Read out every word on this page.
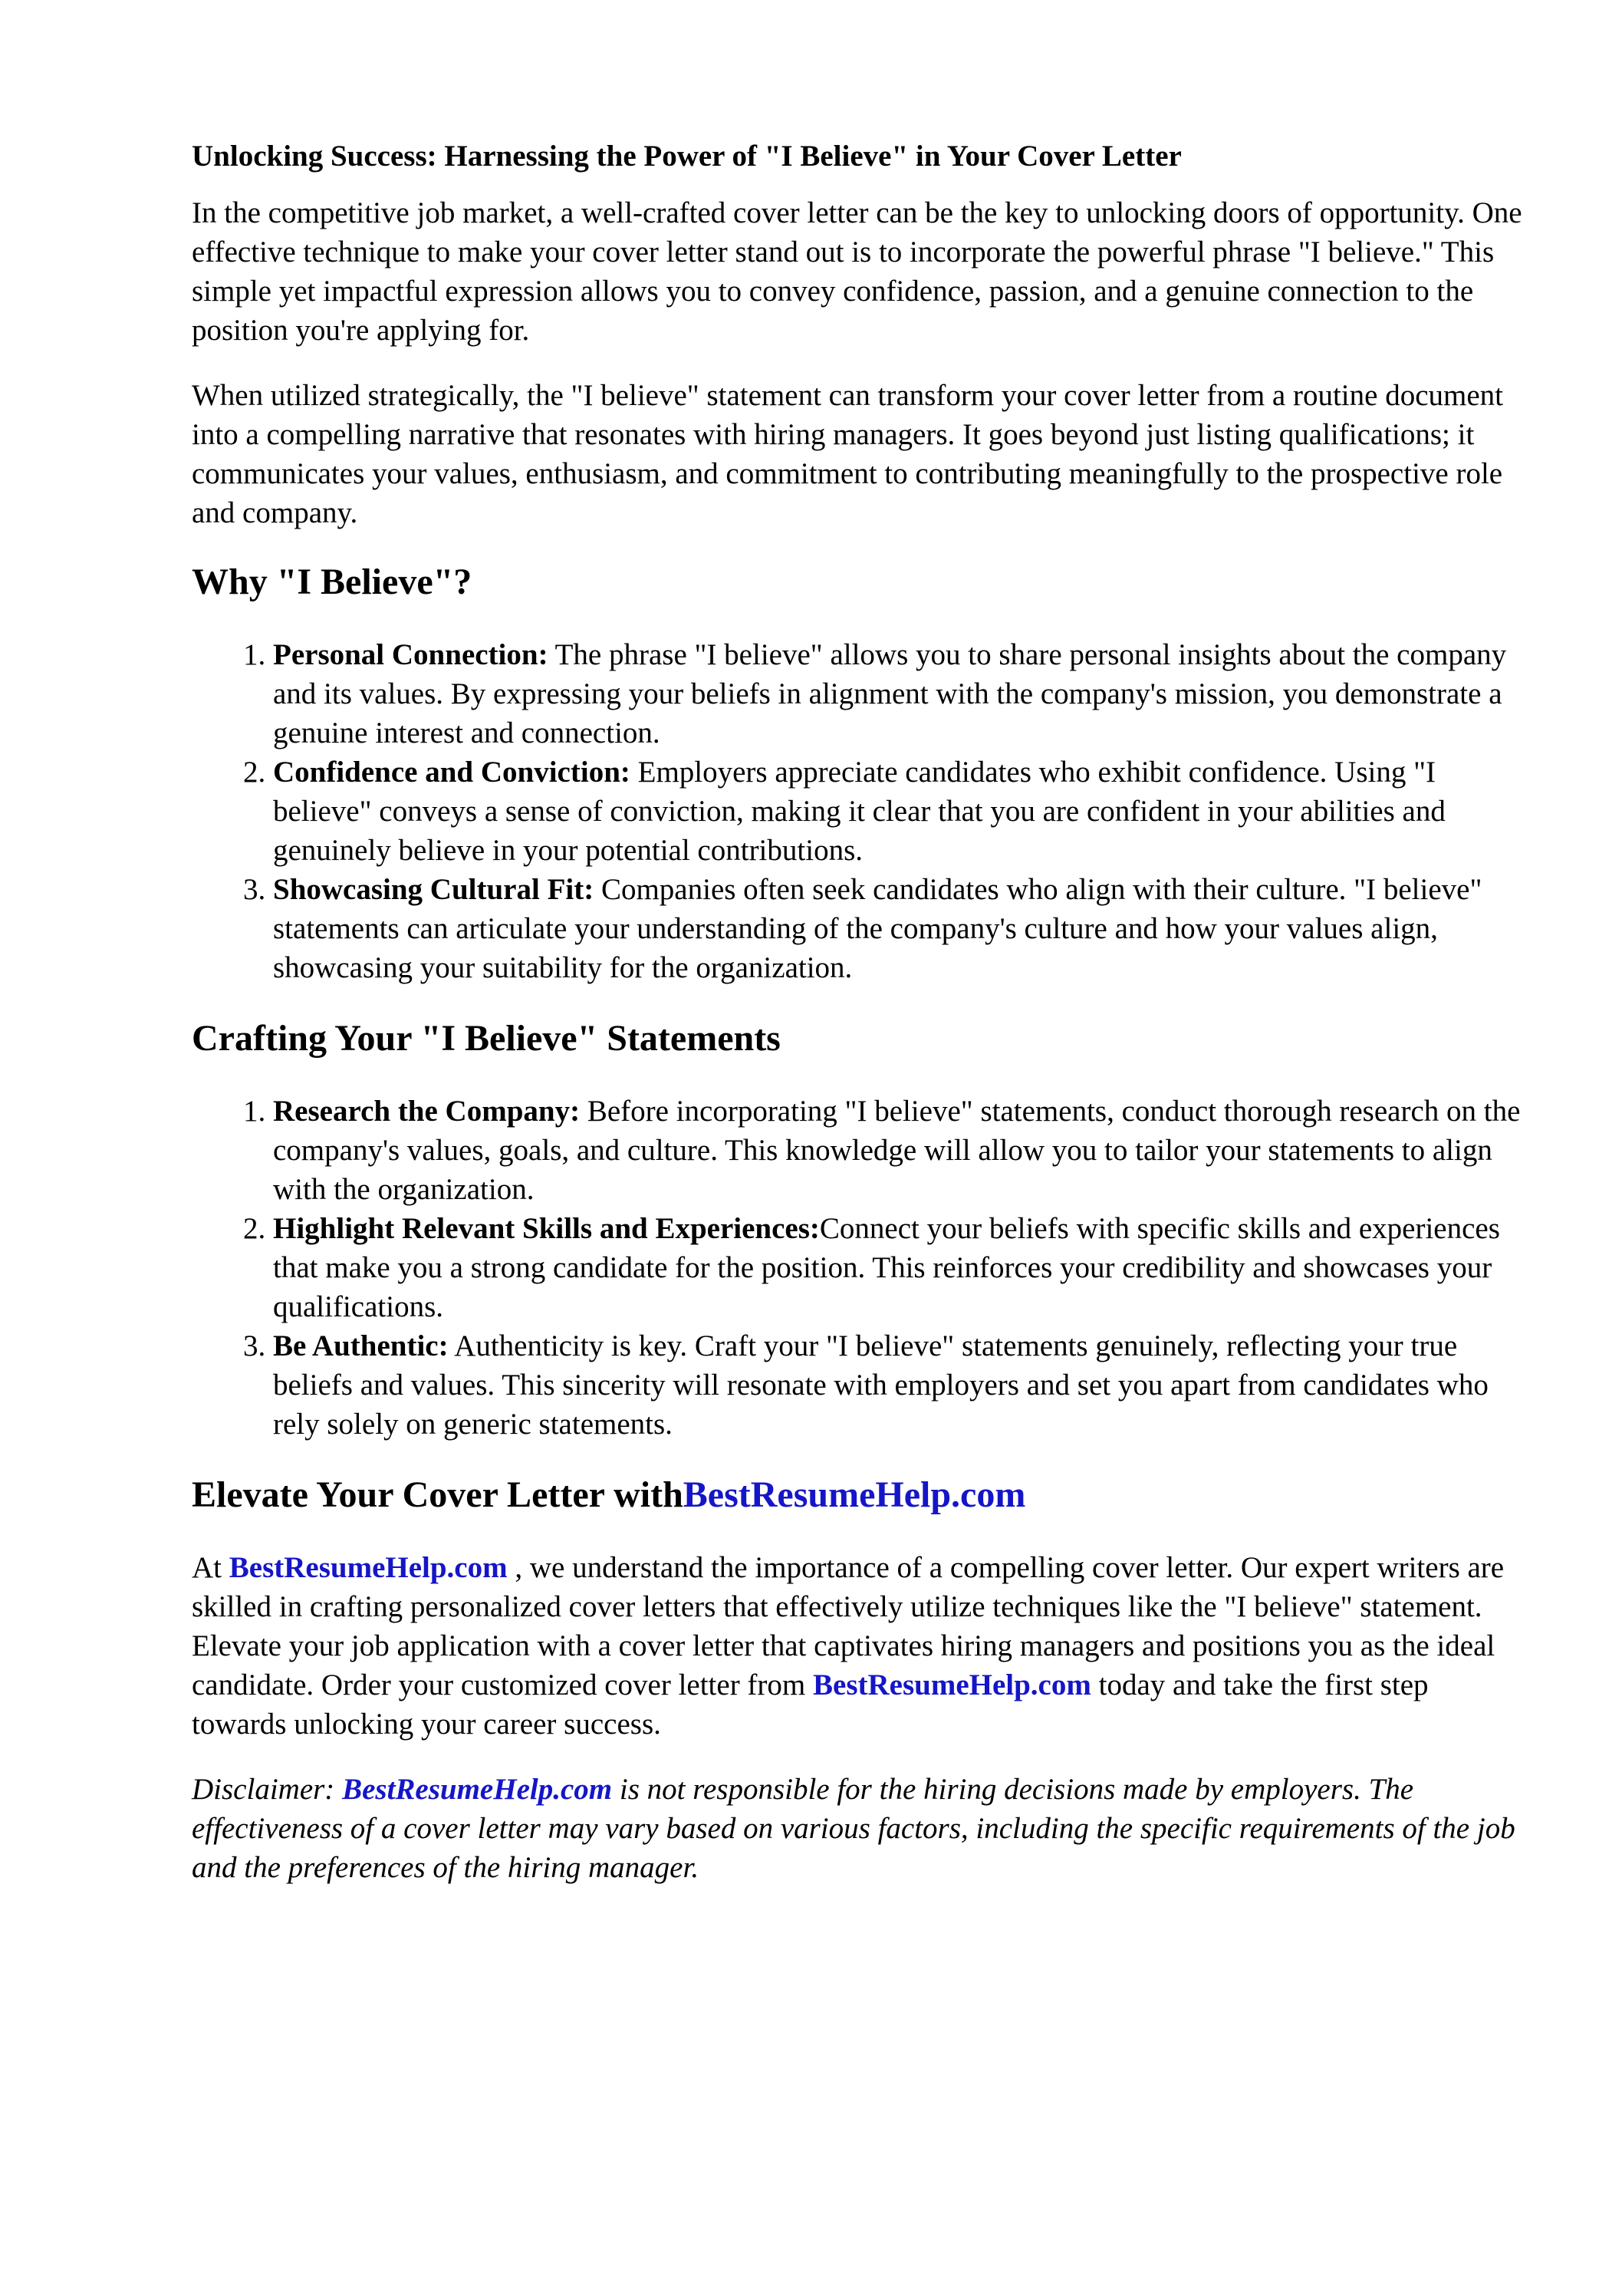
Unlocking Success: Harnessing the Power of "I Believe" in Your Cover Letter

In the competitive job market, a well-crafted cover letter can be the key to unlocking doors of opportunity. One effective technique to make your cover letter stand out is to incorporate the powerful phrase "I believe." This simple yet impactful expression allows you to convey confidence, passion, and a genuine connection to the position you're applying for.

When utilized strategically, the "I believe" statement can transform your cover letter from a routine document into a compelling narrative that resonates with hiring managers. It goes beyond just listing qualifications; it communicates your values, enthusiasm, and commitment to contributing meaningfully to the prospective role and company.

Why "I Believe"?
1. Personal Connection: The phrase "I believe" allows you to share personal insights about the company and its values. By expressing your beliefs in alignment with the company's mission, you demonstrate a genuine interest and connection.
2. Confidence and Conviction: Employers appreciate candidates who exhibit confidence. Using "I believe" conveys a sense of conviction, making it clear that you are confident in your abilities and genuinely believe in your potential contributions.
3. Showcasing Cultural Fit: Companies often seek candidates who align with their culture. "I believe" statements can articulate your understanding of the company's culture and how your values align, showcasing your suitability for the organization.
Crafting Your "I Believe" Statements
1. Research the Company: Before incorporating "I believe" statements, conduct thorough research on the company's values, goals, and culture. This knowledge will allow you to tailor your statements to align with the organization.
2. Highlight Relevant Skills and Experiences:Connect your beliefs with specific skills and experiences that make you a strong candidate for the position. This reinforces your credibility and showcases your qualifications.
3. Be Authentic: Authenticity is key. Craft your "I believe" statements genuinely, reflecting your true beliefs and values. This sincerity will resonate with employers and set you apart from candidates who rely solely on generic statements.
Elevate Your Cover Letter withBestResumeHelp.com

At BestResumeHelp.com , we understand the importance of a compelling cover letter. Our expert writers are skilled in crafting personalized cover letters that effectively utilize techniques like the "I believe" statement. Elevate your job application with a cover letter that captivates hiring managers and positions you as the ideal candidate. Order your customized cover letter from BestResumeHelp.com today and take the first step towards unlocking your career success.

Disclaimer: BestResumeHelp.com is not responsible for the hiring decisions made by employers. The effectiveness of a cover letter may vary based on various factors, including the specific requirements of the job and the preferences of the hiring manager.
